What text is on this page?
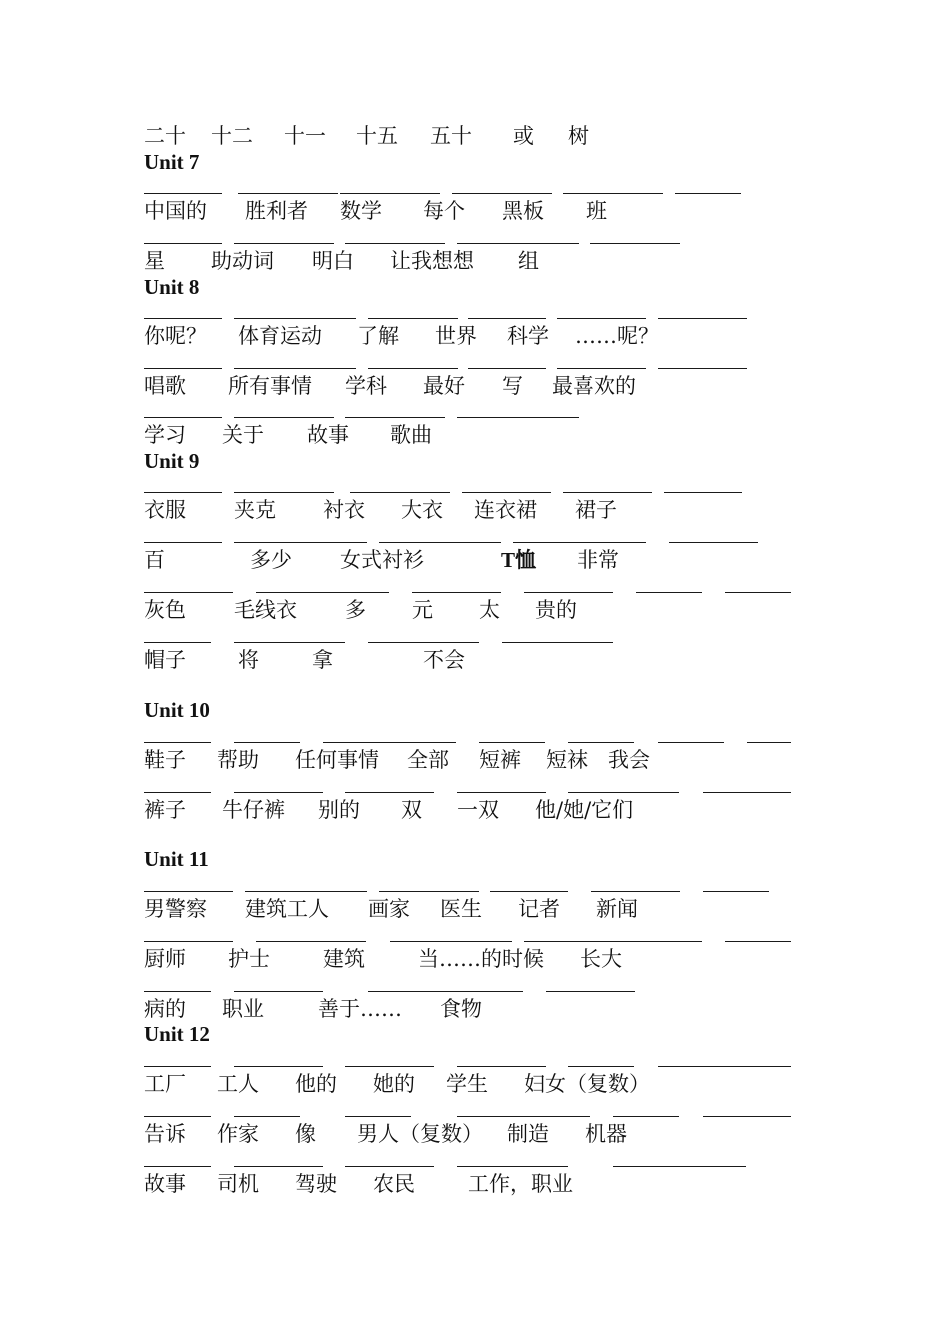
二十 十二 十一 十五 五十 或 树
Unit 7
中国的 胜利者 数学 每个 黑板 班
星 助动词 明白 让我想想 组
Unit 8
你呢？ 体育运动 了解 世界 科学 ……呢？
唱歌 所有事情 学科 最好 写 最喜欢的
学习 关于 故事 歌曲
Unit 9
衣服 夹克 衬衣 大衣 连衣裙 裙子
百	多少 女式衬衫	T恤 非常
灰色 毛线衣 多 元 太 贵的
帽子 将	拿	不会
Unit 10
鞋子 帮助 任何事情 全部 短裤 短袜 我会
裤子 牛仔裤 别的 双 一双 他/她/它们
Unit 11
男警察 建筑工人 画家 医生 记者 新闻
厨师 护士	建筑	当……的时候 长大
病的 职业	善于…… 食物
Unit 12
工厂 工人 他的 她的 学生 妇女（复数）
告诉 作家 像 男人（复数） 制造 机器
故事 司机 驾驶 农民	工作，职业
